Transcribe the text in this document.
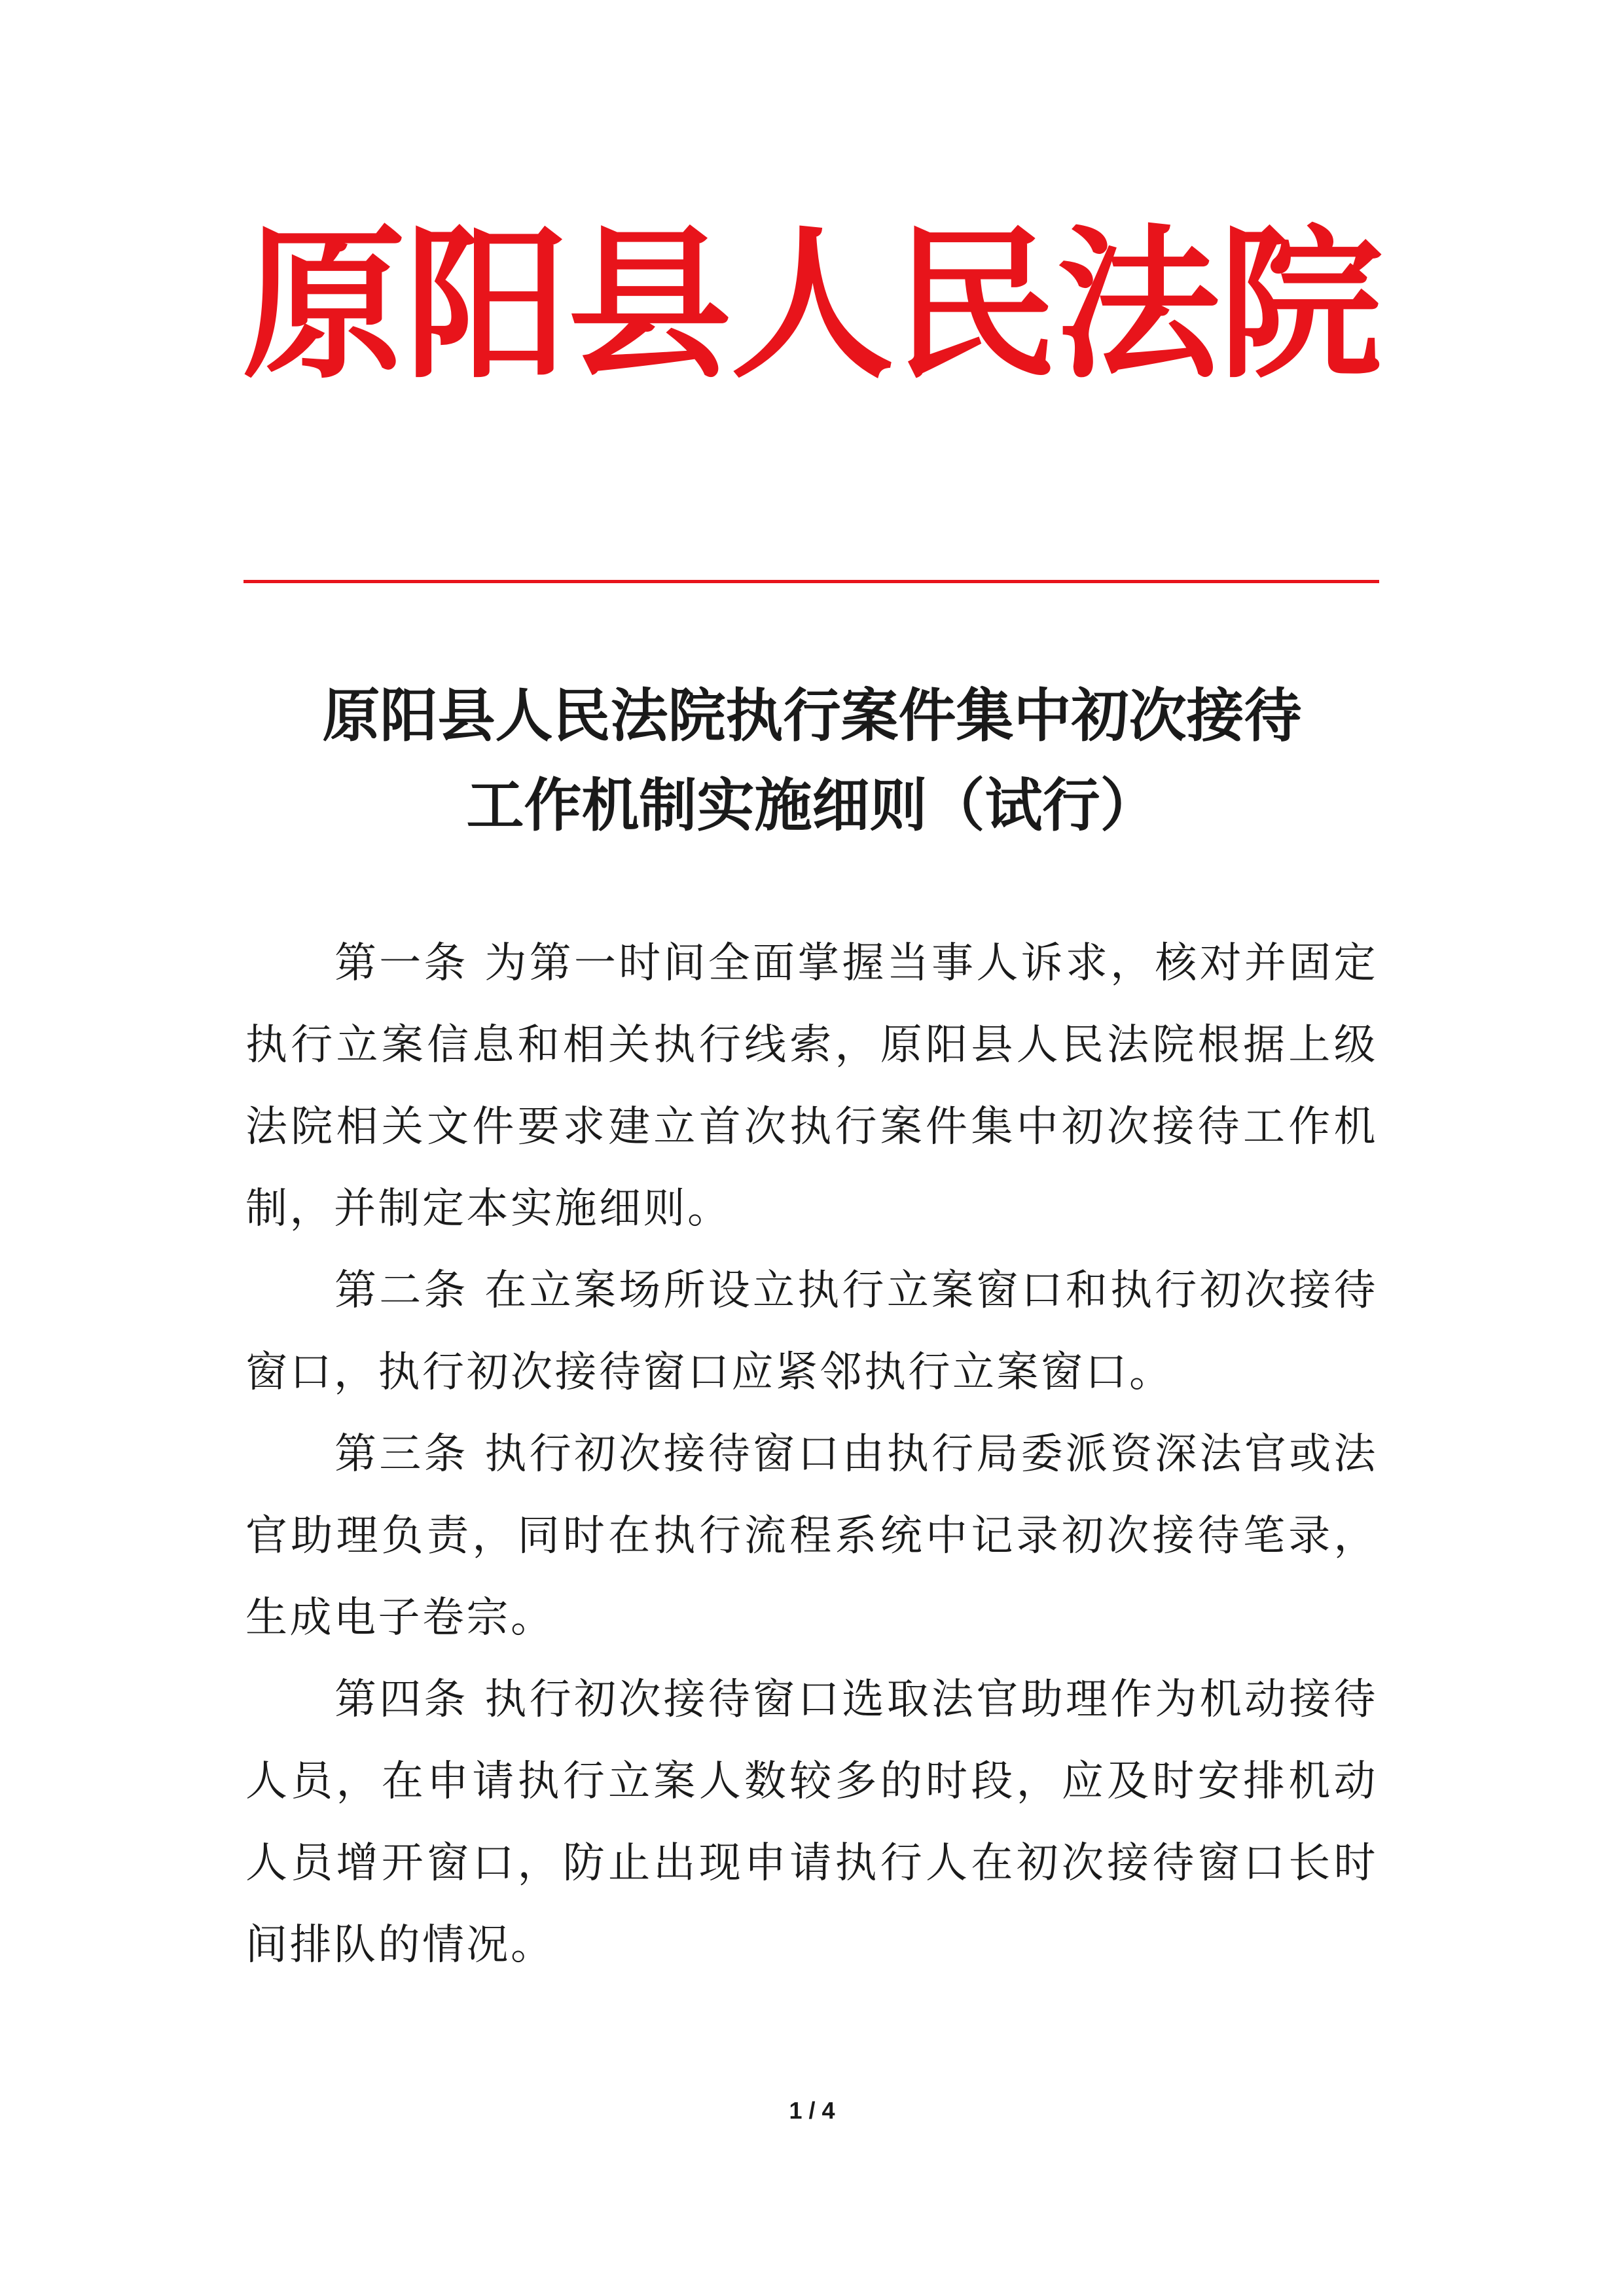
原阳县人民法院
原阳县人民法院执行案件集中初次接待
工作机制实施细则（试行）

第一条 为第一时间全面掌握当事人诉求，核对并固定执行立案信息和相关执行线索，原阳县人民法院根据上级法院相关文件要求建立首次执行案件集中初次接待工作机制，并制定本实施细则。

第二条 在立案场所设立执行立案窗口和执行初次接待窗口，执行初次接待窗口应紧邻执行立案窗口。

第三条 执行初次接待窗口由执行局委派资深法官或法官助理负责，同时在执行流程系统中记录初次接待笔录，生成电子卷宗。

第四条 执行初次接待窗口选取法官助理作为机动接待人员，在申请执行立案人数较多的时段，应及时安排机动人员增开窗口，防止出现申请执行人在初次接待窗口长时间排队的情况。

1 / 4
